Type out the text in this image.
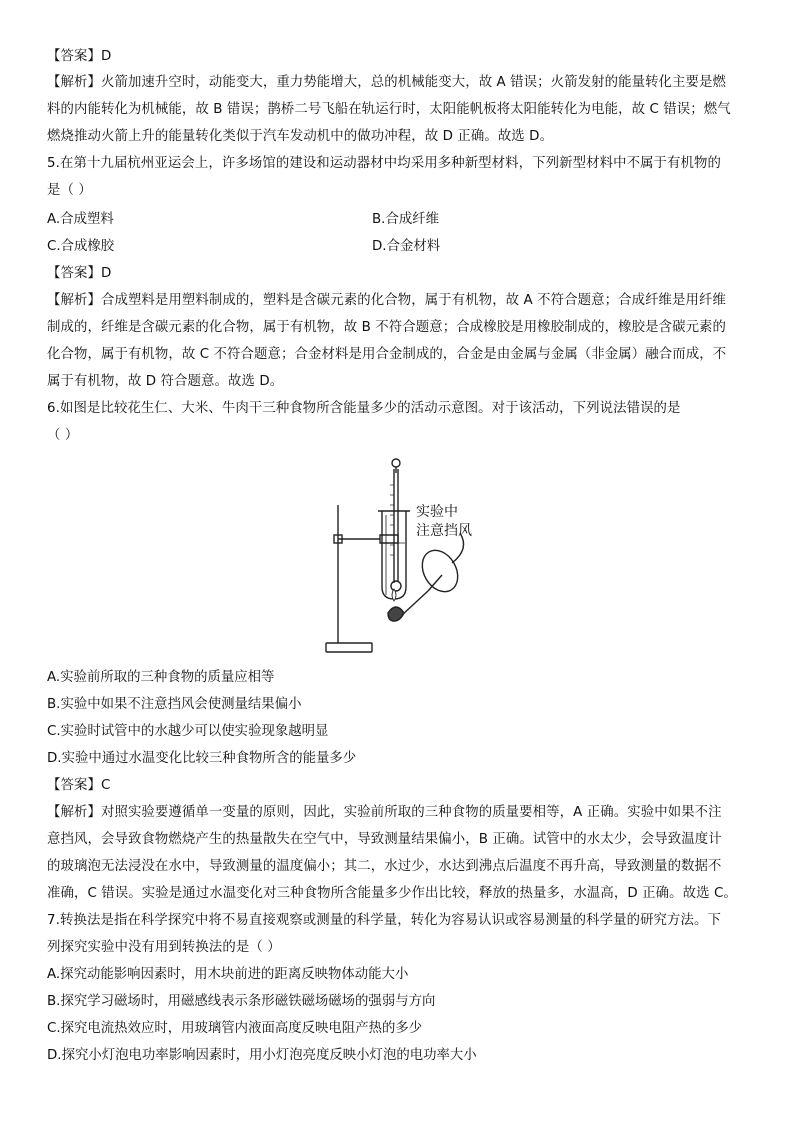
【答案】D
【解析】火箭加速升空时，动能变大，重力势能增大，总的机械能变大，故 A 错误；火箭发射的能量转化主要是燃
料的内能转化为机械能，故 B 错误；鹊桥二号飞船在轨运行时，太阳能帆板将太阳能转化为电能，故 C 错误；燃气
燃烧推动火箭上升的能量转化类似于汽车发动机中的做功冲程，故 D 正确。故选 D。
5.在第十九届杭州亚运会上，许多场馆的建设和运动器材中均采用多种新型材料，下列新型材料中不属于有机物的
是（ ）
A.合成塑料	B.合成纤维
C.合成橡胶	D.合金材料
【答案】D
【解析】合成塑料是用塑料制成的，塑料是含碳元素的化合物，属于有机物，故 A 不符合题意；合成纤维是用纤维
制成的，纤维是含碳元素的化合物，属于有机物，故 B 不符合题意；合成橡胶是用橡胶制成的，橡胶是含碳元素的
化合物，属于有机物，故 C 不符合题意；合金材料是用合金制成的，合金是由金属与金属（非金属）融合而成，不
属于有机物，故 D 符合题意。故选 D。
6.如图是比较花生仁、大米、牛肉干三种食物所含能量多少的活动示意图。对于该活动，下列说法错误的是
（ ）
实验中
注意挡风
A.实验前所取的三种食物的质量应相等
B.实验中如果不注意挡风会使测量结果偏小
C.实验时试管中的水越少可以使实验现象越明显
D.实验中通过水温变化比较三种食物所含的能量多少
【答案】C
【解析】对照实验要遵循单一变量的原则，因此，实验前所取的三种食物的质量要相等，A 正确。实验中如果不注
意挡风，会导致食物燃烧产生的热量散失在空气中，导致测量结果偏小，B 正确。试管中的水太少，会导致温度计
的玻璃泡无法浸没在水中，导致测量的温度偏小；其二，水过少，水达到沸点后温度不再升高，导致测量的数据不
准确，C 错误。实验是通过水温变化对三种食物所含能量多少作出比较，释放的热量多，水温高，D 正确。故选 C。
7.转换法是指在科学探究中将不易直接观察或测量的科学量，转化为容易认识或容易测量的科学量的研究方法。下
列探究实验中没有用到转换法的是（ ）
A.探究动能影响因素时，用木块前进的距离反映物体动能大小
B.探究学习磁场时，用磁感线表示条形磁铁磁场磁场的强弱与方向
C.探究电流热效应时，用玻璃管内液面高度反映电阻产热的多少
D.探究小灯泡电功率影响因素时，用小灯泡亮度反映小灯泡的电功率大小
